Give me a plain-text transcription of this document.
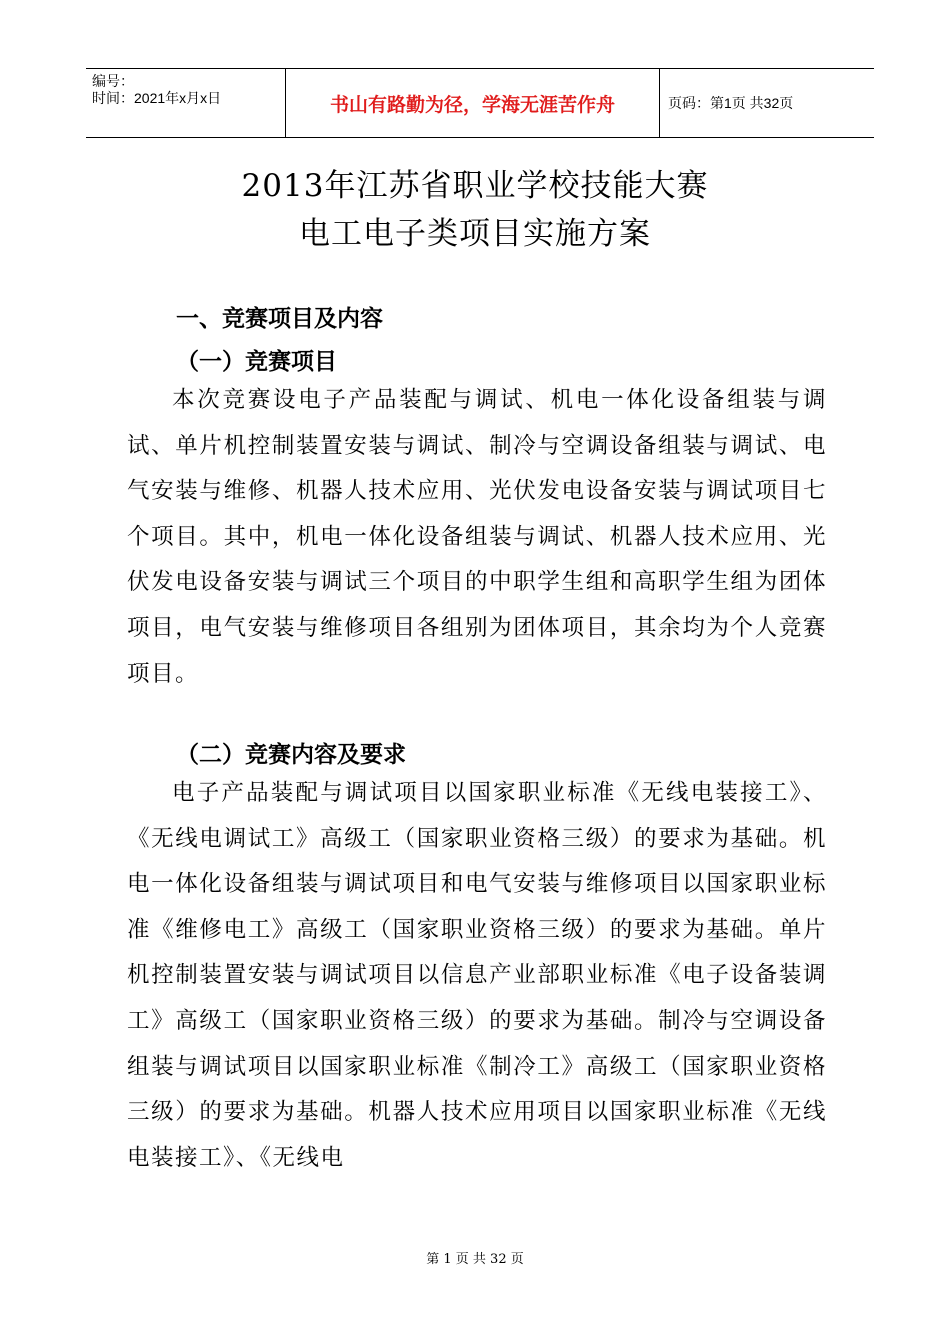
编号：
时间：2021年x月x日	书山有路勤为径，学海无涯苦作舟	页码：第1页 共32页
2013年江苏省职业学校技能大赛
电工电子类项目实施方案
一、竞赛项目及内容
（一）竞赛项目

本次竞赛设电子产品装配与调试、机电一体化设备组装与调试、单片机控制装置安装与调试、制冷与空调设备组装与调试、电气安装与维修、机器人技术应用、光伏发电设备安装与调试项目七个项目。其中，机电一体化设备组装与调试、机器人技术应用、光伏发电设备安装与调试三个项目的中职学生组和高职学生组为团体项目，电气安装与维修项目各组别为团体项目，其余均为个人竞赛项目。

（二）竞赛内容及要求

电子产品装配与调试项目以国家职业标准《无线电装接工》、《无线电调试工》高级工（国家职业资格三级）的要求为基础。机电一体化设备组装与调试项目和电气安装与维修项目以国家职业标准《维修电工》高级工（国家职业资格三级）的要求为基础。单片机控制装置安装与调试项目以信息产业部职业标准《电子设备装调工》高级工（国家职业资格三级）的要求为基础。制冷与空调设备组装与调试项目以国家职业标准《制冷工》高级工（国家职业资格三级）的要求为基础。机器人技术应用项目以国家职业标准《无线电装接工》、《无线电

第 1 页 共 32 页
